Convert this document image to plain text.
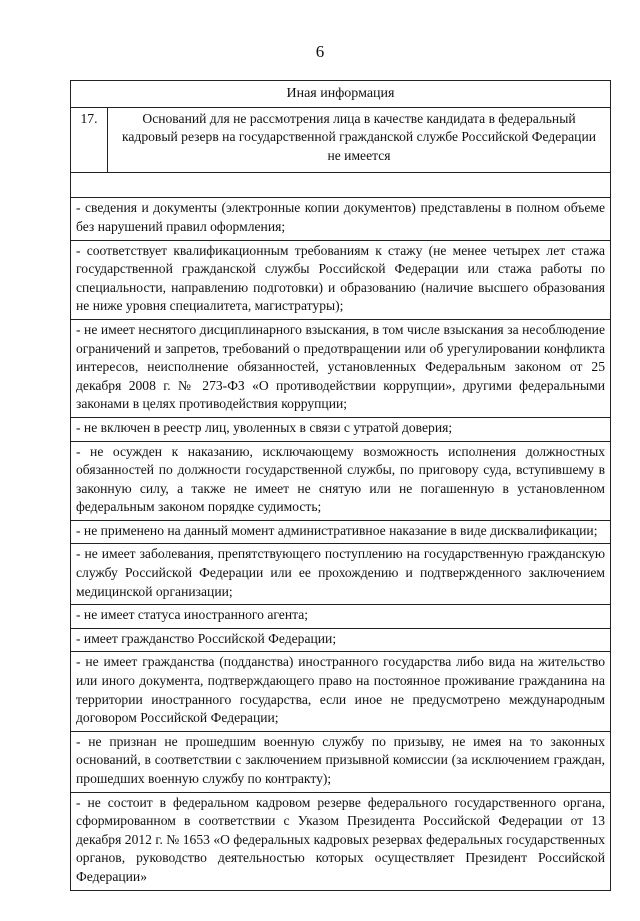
6
Иная информация
17.	Оснований для не рассмотрения лица в качестве кандидата в федеральный кадровый резерв на государственной гражданской службе Российской Федерации не имеется

- сведения и документы (электронные копии документов) представлены в полном объеме без нарушений правил оформления;
- соответствует квалификационным требованиям к стажу (не менее четырех лет стажа государственной гражданской службы Российской Федерации или стажа работы по специальности, направлению подготовки) и образованию (наличие высшего образования не ниже уровня специалитета, магистратуры);
- не имеет неснятого дисциплинарного взыскания, в том числе взыскания за несоблюдение ограничений и запретов, требований о предотвращении или об урегулировании конфликта интересов, неисполнение обязанностей, установленных Федеральным законом от 25 декабря 2008 г. № 273-ФЗ «О противодействии коррупции», другими федеральными законами в целях противодействия коррупции;
- не включен в реестр лиц, уволенных в связи с утратой доверия;
- не осужден к наказанию, исключающему возможность исполнения должностных обязанностей по должности государственной службы, по приговору суда, вступившему в законную силу, а также не имеет не снятую или не погашенную в установленном федеральным законом порядке судимость;
- не применено на данный момент административное наказание в виде дисквалификации;
- не имеет заболевания, препятствующего поступлению на государственную гражданскую службу Российской Федерации или ее прохождению и подтвержденного заключением медицинской организации;
- не имеет статуса иностранного агента;
- имеет гражданство Российской Федерации;
- не имеет гражданства (подданства) иностранного государства либо вида на жительство или иного документа, подтверждающего право на постоянное проживание гражданина на территории иностранного государства, если иное не предусмотрено международным договором Российской Федерации;
- не признан не прошедшим военную службу по призыву, не имея на то законных оснований, в соответствии с заключением призывной комиссии (за исключением граждан, прошедших военную службу по контракту);
- не состоит в федеральном кадровом резерве федерального государственного органа, сформированном в соответствии с Указом Президента Российской Федерации от 13 декабря 2012 г. № 1653 «О федеральных кадровых резервах федеральных государственных органов, руководство деятельностью которых осуществляет Президент Российской Федерации»
